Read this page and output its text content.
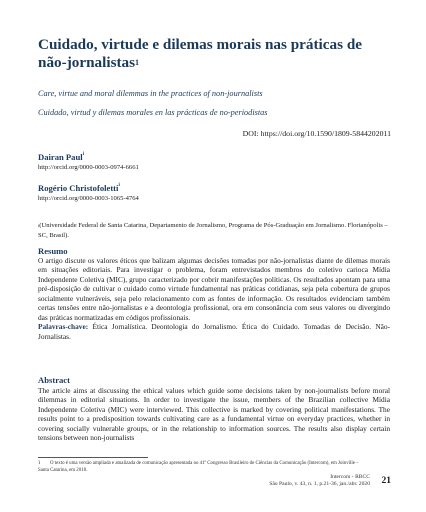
Cuidado, virtude e dilemas morais nas práticas de não-jornalistas$^1$
Care, virtue and moral dilemmas in the practices of non-journalists
Cuidado, virtud y dilemas morales en las prácticas de no-periodistas
DOI: https://doi.org/10.1590/1809-5844202011
Dairan Paul$^i$
http://orcid.org/0000-0003-0974-6661
Rogério Christofoletti$^i$
http://orcid.org/0000-0003-1065-4764
$^i$(Universidade Federal de Santa Catarina, Departamento de Jornalismo, Programa de Pós-Graduação em Jornalismo. Florianópolis – SC, Brasil).
Resumo

O artigo discute os valores éticos que balizam algumas decisões tomadas por não-jornalistas diante de dilemas morais em situações editoriais. Para investigar o problema, foram entrevistados membros do coletivo carioca Mídia Independente Coletiva (MIC), grupo caracterizado por cobrir manifestações políticas. Os resultados apontam para uma pré-disposição de cultivar o cuidado como virtude fundamental nas práticas cotidianas, seja pela cobertura de grupos socialmente vulneráveis, seja pelo relacionamento com as fontes de informação. Os resultados evidenciam também certas tensões entre não-jornalistas e a deontologia profissional, ora em consonância com seus valores ou divergindo das práticas normatizadas em códigos profissionais.
Palavras-chave: Ética Jornalística. Deontologia do Jornalismo. Ética do Cuidado. Tomadas de Decisão. Não-Jornalistas.

Abstract

The article aims at discussing the ethical values which guide some decisions taken by non-journalists before moral dilemmas in editorial situations. In order to investigate the issue, members of the Brazilian collective Mídia Independente Coletiva (MIC) were interviewed. This collective is marked by covering political manifestations. The results point to a predisposition towards cultivating care as a fundamental virtue on everyday practices, whether in covering socially vulnerable groups, or in the relationship to information sources. The results also display certain tensions between non-journalists

1 O texto é uma versão ampliada e atualizada de comunicação apresentada no 41º Congresso Brasileiro de Ciências da Comunicação (Intercom), em Joinville – Santa Catarina, em 2018.
Intercom - RBCC
São Paulo, v. 43, n. 1, p.21-36, jan./abr. 2020 21
